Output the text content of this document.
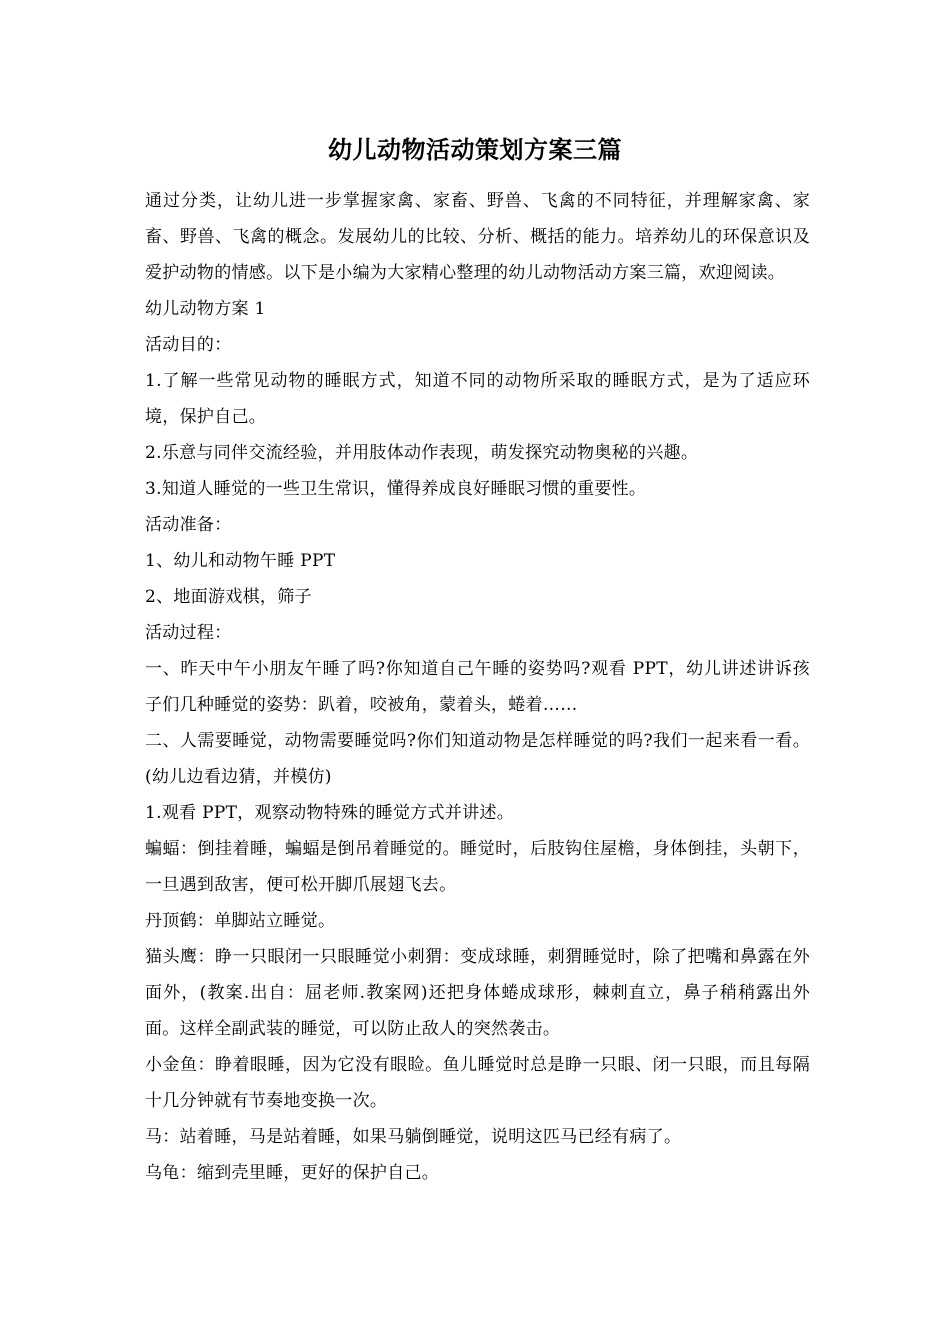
幼儿动物活动策划方案三篇

通过分类，让幼儿进一步掌握家禽、家畜、野兽、飞禽的不同特征，并理解家禽、家畜、野兽、飞禽的概念。发展幼儿的比较、分析、概括的能力。培养幼儿的环保意识及爱护动物的情感。以下是小编为大家精心整理的幼儿动物活动方案三篇，欢迎阅读。

幼儿动物方案 1

活动目的：

1.了解一些常见动物的睡眠方式，知道不同的动物所采取的睡眠方式，是为了适应环境，保护自己。

2.乐意与同伴交流经验，并用肢体动作表现，萌发探究动物奥秘的兴趣。

3.知道人睡觉的一些卫生常识，懂得养成良好睡眠习惯的重要性。

活动准备：

1、幼儿和动物午睡 PPT

2、地面游戏棋，筛子

活动过程：

一、昨天中午小朋友午睡了吗?你知道自己午睡的姿势吗?观看 PPT，幼儿讲述讲诉孩子们几种睡觉的姿势：趴着，咬被角，蒙着头，蜷着……

二、人需要睡觉，动物需要睡觉吗?你们知道动物是怎样睡觉的吗?我们一起来看一看。(幼儿边看边猜，并模仿)

1.观看 PPT，观察动物特殊的睡觉方式并讲述。

蝙蝠：倒挂着睡，蝙蝠是倒吊着睡觉的。睡觉时，后肢钩住屋檐，身体倒挂，头朝下，一旦遇到敌害，便可松开脚爪展翅飞去。

丹顶鹤：单脚站立睡觉。

猫头鹰：睁一只眼闭一只眼睡觉小刺猬：变成球睡，刺猬睡觉时，除了把嘴和鼻露在外面外，(教案.出自：屈老师.教案网)还把身体蜷成球形，棘刺直立，鼻子稍稍露出外面。这样全副武装的睡觉，可以防止敌人的突然袭击。

小金鱼：睁着眼睡，因为它没有眼睑。鱼儿睡觉时总是睁一只眼、闭一只眼，而且每隔十几分钟就有节奏地变换一次。

马：站着睡，马是站着睡，如果马躺倒睡觉，说明这匹马已经有病了。

乌龟：缩到壳里睡，更好的保护自己。
